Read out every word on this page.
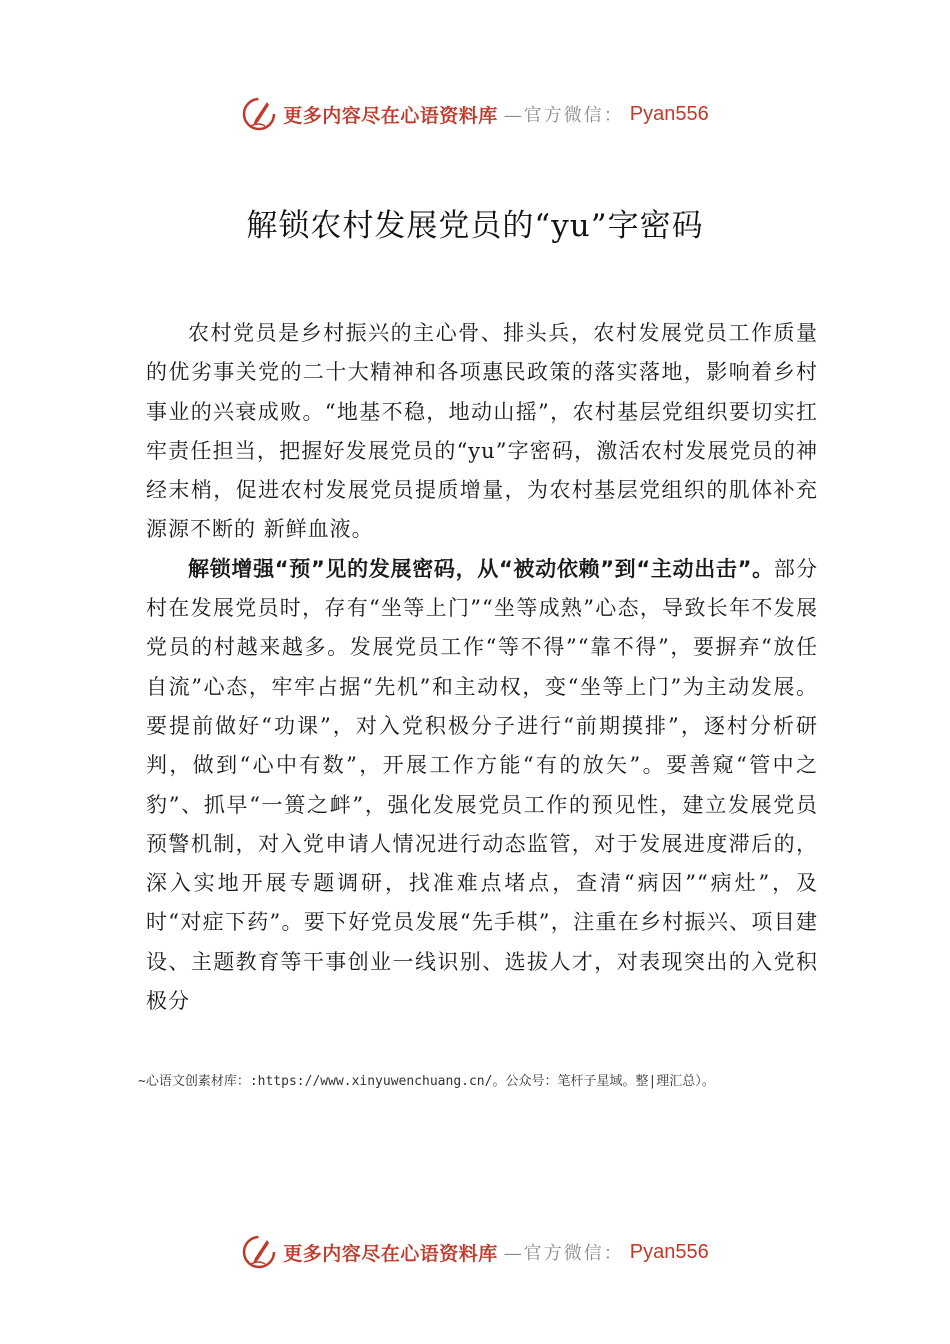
更多内容尽在心语资料库 —官方微信： Pyan556
解锁农村发展党员的“yu”字密码

农村党员是乡村振兴的主心骨、排头兵，农村发展党员工作质量的优劣事关党的二十大精神和各项惠民政策的落实落地，影响着乡村事业的兴衰成败。“地基不稳，地动山摇”，农村基层党组织要切实扛牢责任担当，把握好发展党员的“yu”字密码，激活农村发展党员的神经末梢，促进农村发展党员提质增量，为农村基层党组织的肌体补充源源不断的 新鲜血液。

解锁增强“预”见的发展密码，从“被动依赖”到“主动出击”。部分村在发展党员时，存有“坐等上门”“坐等成熟”心态，导致长年不发展党员的村越来越多。发展党员工作“等不得”“靠不得”，要摒弃“放任自流”心态，牢牢占据“先机”和主动权，变“坐等上门”为主动发展。要提前做好“功课”，对入党积极分子进行“前期摸排”，逐村分析研判，做到“心中有数”，开展工作方能“有的放矢”。要善窥“管中之豹”、抓早“一篑之衅”，强化发展党员工作的预见性，建立发展党员预警机制，对入党申请人情况进行动态监管，对于发展进度滞后的，深入实地开展专题调研，找准难点堵点，查清“病因”“病灶”，及时“对症下药”。要下好党员发展“先手棋”，注重在乡村振兴、项目建设、主题教育等干事创业一线识别、选拔人才，对表现突出的入党积极分

~心语文创素材库：:https://www.xinyuwenchuang.cn/。公众号：笔杆子星域。整|理汇总）。
更多内容尽在心语资料库 —官方微信： Pyan556
